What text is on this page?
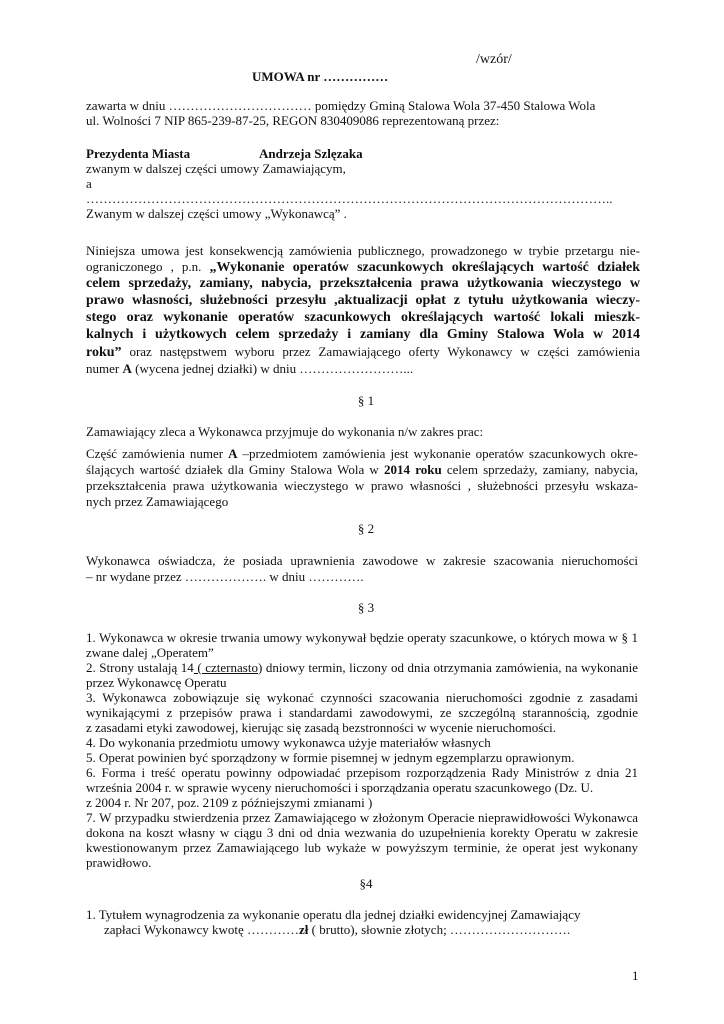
/wzór/
UMOWA nr ……………
zawarta w dniu …………………………… pomiędzy Gminą Stalowa Wola 37-450 Stalowa Wola
ul. Wolności 7 NIP 865-239-87-25, REGON 830409086 reprezentowaną przez:
Prezydenta Miasta	Andrzeja Szlęzaka
zwanym w dalszej części umowy Zamawiającym,
a
…………………………………………………………………………………………………………..
Zwanym w dalszej części umowy „Wykonawcą” .
Niniejsza umowa jest konsekwencją zamówienia publicznego, prowadzonego w trybie przetargu nie-
ograniczonego , p.n. „Wykonanie operatów szacunkowych określających wartość działek
celem sprzedaży, zamiany, nabycia, przekształcenia prawa użytkowania wieczystego w
prawo własności, służebności przesyłu ,aktualizacji opłat z tytułu użytkowania wieczy-
stego oraz wykonanie operatów szacunkowych określających wartość lokali mieszk-
kalnych i użytkowych celem sprzedaży i zamiany dla Gminy Stalowa Wola w 2014
roku” oraz następstwem wyboru przez Zamawiającego oferty Wykonawcy w części zamówienia
numer A (wycena jednej działki) w dniu ……………………...
§ 1
Zamawiający zleca a Wykonawca przyjmuje do wykonania n/w zakres prac:
Część zamówienia numer A –przedmiotem zamówienia jest wykonanie operatów szacunkowych okre-
ślających wartość działek dla Gminy Stalowa Wola w 2014 roku celem sprzedaży, zamiany, nabycia,
przekształcenia prawa użytkowania wieczystego w prawo własności , służebności przesyłu wskaza-
nych przez Zamawiającego
§ 2
Wykonawca oświadcza, że posiada uprawnienia zawodowe w zakresie szacowania nieruchomości
– nr wydane przez ………………. w dniu ………….
§ 3
1. Wykonawca w okresie trwania umowy wykonywał będzie operaty szacunkowe, o których mowa w § 1
zwane dalej „Operatem”
2. Strony ustalają 14 ( czternasto) dniowy termin, liczony od dnia otrzymania zamówienia, na wykonanie
przez Wykonawcę Operatu
3. Wykonawca zobowiązuje się wykonać czynności szacowania nieruchomości zgodnie z zasadami
wynikającymi z przepisów prawa i standardami zawodowymi, ze szczególną starannością, zgodnie
z zasadami etyki zawodowej, kierując się zasadą bezstronności w wycenie nieruchomości.
4. Do wykonania przedmiotu umowy wykonawca użyje materiałów własnych
5. Operat powinien być sporządzony w formie pisemnej w jednym egzemplarzu oprawionym.
6. Forma i treść operatu powinny odpowiadać przepisom rozporządzenia Rady Ministrów z dnia 21
września 2004 r. w sprawie wyceny nieruchomości i sporządzania operatu szacunkowego (Dz. U.
z 2004 r. Nr 207, poz. 2109 z późniejszymi zmianami )
7. W przypadku stwierdzenia przez Zamawiającego w złożonym Operacie nieprawidłowości Wykonawca
dokona na koszt własny w ciągu 3 dni od dnia wezwania do uzupełnienia korekty Operatu w zakresie
kwestionowanym przez Zamawiającego lub wykaże w powyższym terminie, że operat jest wykonany
prawidłowo.
§4
1. Tytułem wynagrodzenia za wykonanie operatu dla jednej działki ewidencyjnej Zamawiający
zapłaci Wykonawcy kwotę …………zł ( brutto), słownie złotych; ……………………….
1
